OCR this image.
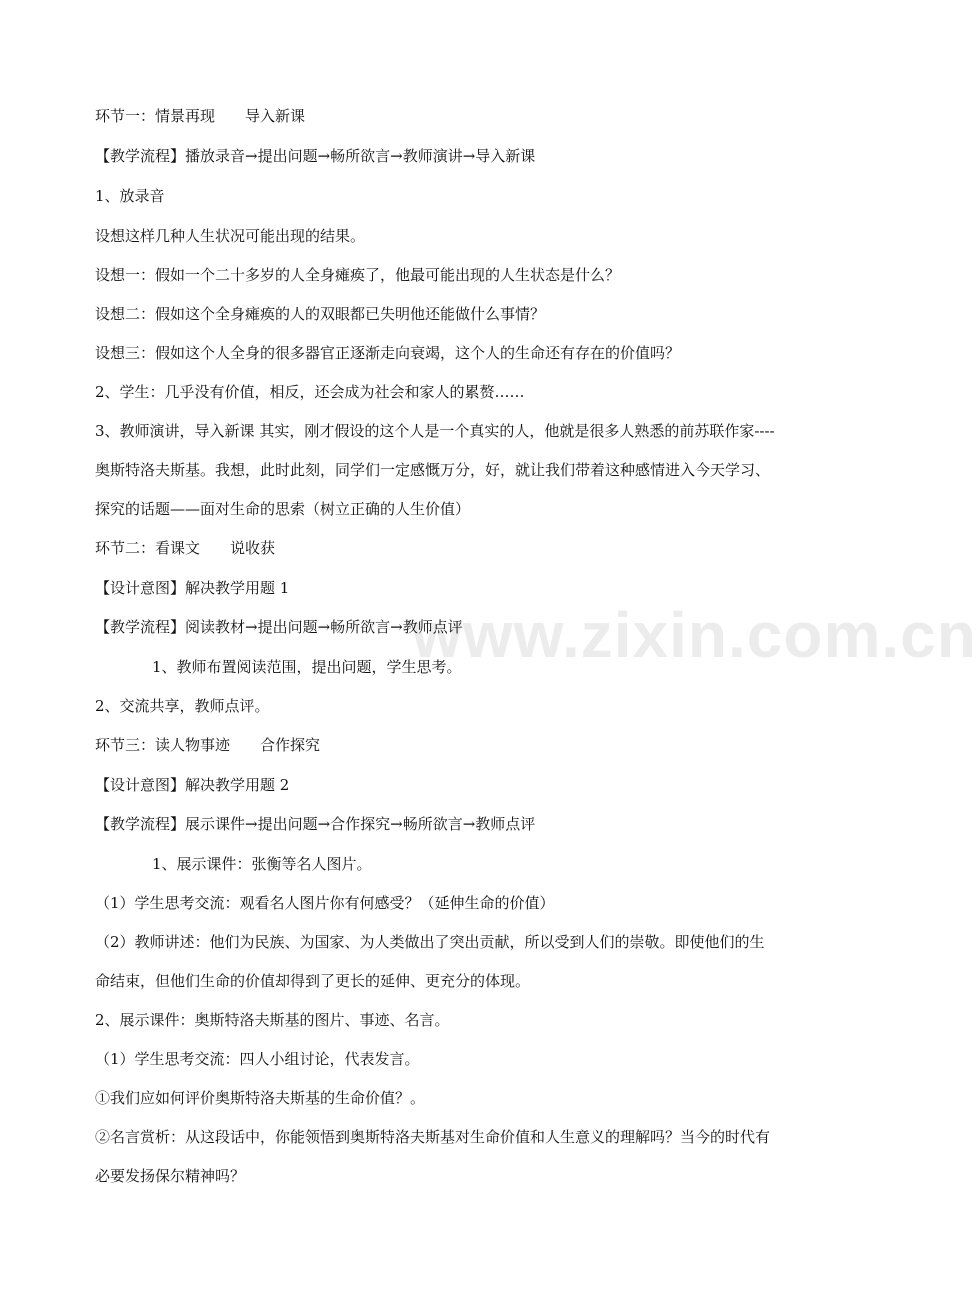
www.zixin.com.cn
环节一：情景再现　　导入新课
【教学流程】播放录音→提出问题→畅所欲言→教师演讲→导入新课
1、放录音
设想这样几种人生状况可能出现的结果。
设想一：假如一个二十多岁的人全身瘫痪了，他最可能出现的人生状态是什么？
设想二：假如这个全身瘫痪的人的双眼都已失明他还能做什么事情？
设想三：假如这个人全身的很多器官正逐渐走向衰竭，这个人的生命还有存在的价值吗？
2、学生：几乎没有价值，相反，还会成为社会和家人的累赘……
3、教师演讲，导入新课 其实，刚才假设的这个人是一个真实的人，他就是很多人熟悉的前苏联作家----
奥斯特洛夫斯基。我想，此时此刻，同学们一定感慨万分，好，就让我们带着这种感情进入今天学习、
探究的话题——面对生命的思索（树立正确的人生价值）
环节二：看课文　　说收获
【设计意图】解决教学用题 1
【教学流程】阅读教材→提出问题→畅所欲言→教师点评
1、教师布置阅读范围，提出问题，学生思考。
2、交流共享，教师点评。
环节三：读人物事迹　　合作探究
【设计意图】解决教学用题 2
【教学流程】展示课件→提出问题→合作探究→畅所欲言→教师点评
1、展示课件：张衡等名人图片。
（1）学生思考交流：观看名人图片你有何感受？（延伸生命的价值）
（2）教师讲述：他们为民族、为国家、为人类做出了突出贡献，所以受到人们的崇敬。即使他们的生
命结束，但他们生命的价值却得到了更长的延伸、更充分的体现。
2、展示课件：奥斯特洛夫斯基的图片、事迹、名言。
（1）学生思考交流：四人小组讨论，代表发言。
①我们应如何评价奥斯特洛夫斯基的生命价值？。
②名言赏析：从这段话中，你能领悟到奥斯特洛夫斯基对生命价值和人生意义的理解吗？当今的时代有
必要发扬保尔精神吗？
